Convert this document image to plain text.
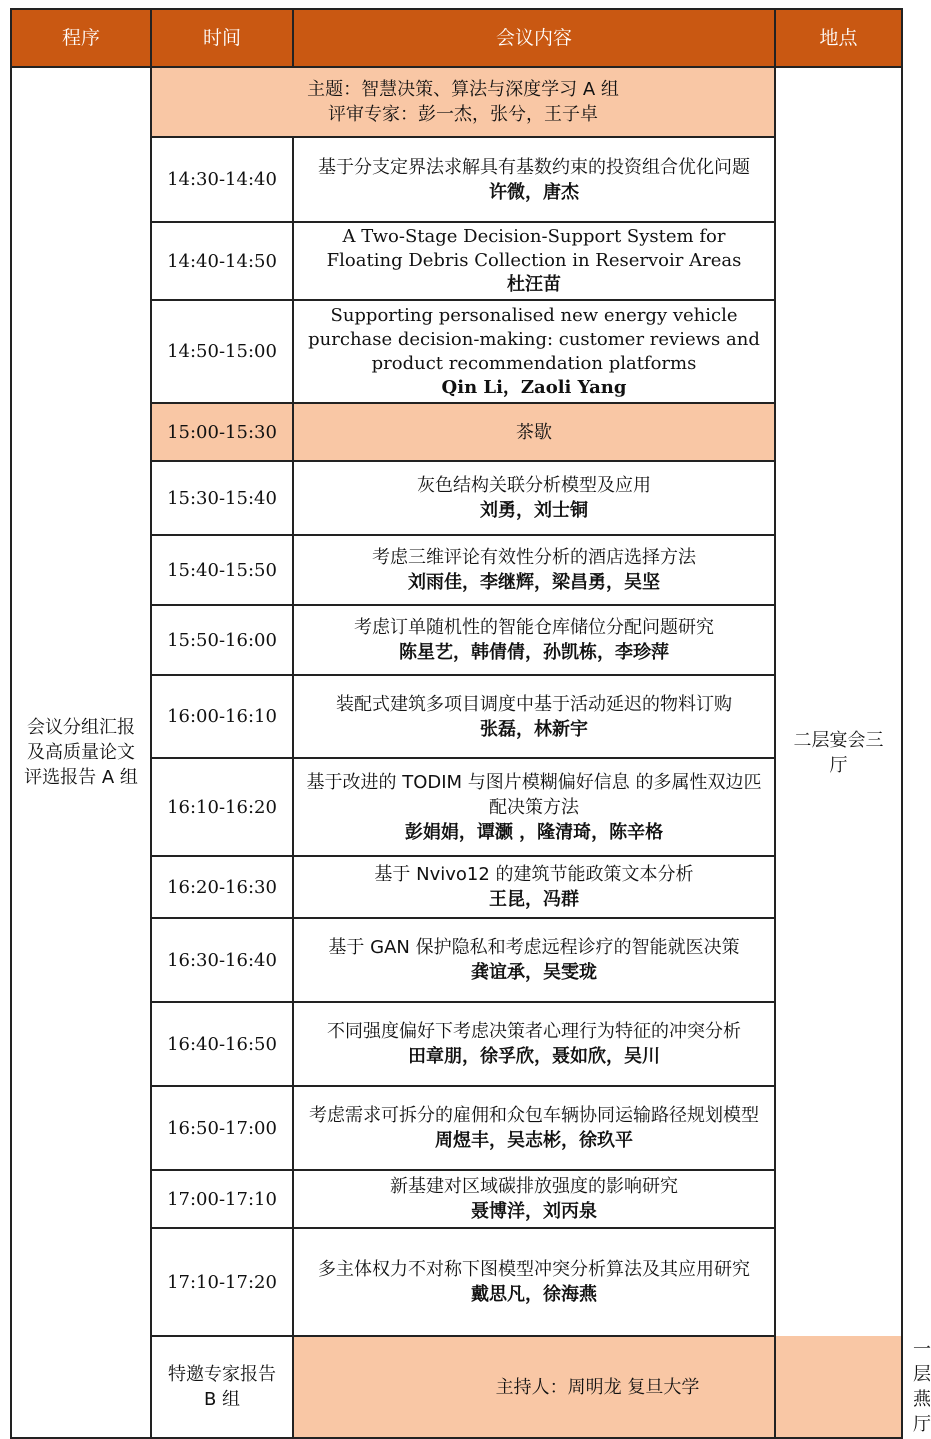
程序	时间	会议内容	地点	
会议分组汇报及高质量论文评选报告 A 组	主题：智慧决策、算法与深度学习 A 组
评审专家：彭一杰，张兮，王子卓		二层宴会三厅	
	14:30-14:40	基于分支定界法求解具有基数约束的投资组合优化问题
许微，唐杰		

	14:40-14:50	A Two-Stage Decision-Support System for Floating Debris Collection in Reservoir Areas
杜汪苗		

	14:50-15:00	Supporting personalised new energy vehicle purchase decision-making: customer reviews and product recommendation platforms
Qin Li，Zaoli Yang		

	15:00-15:30	茶歇		
	15:30-15:40	灰色结构关联分析模型及应用
刘勇，刘士铜		

	15:40-15:50	考虑三维评论有效性分析的酒店选择方法
刘雨佳，李继辉，梁昌勇，吴坚		

	15:50-16:00	考虑订单随机性的智能仓库储位分配问题研究
陈星艺，韩倩倩，孙凯栋，李珍萍		

	16:00-16:10	装配式建筑多项目调度中基于活动延迟的物料订购
张磊，林新宇		

	16:10-16:20	基于改进的 TODIM 与图片模糊偏好信息 的多属性双边匹配决策方法
彭娟娟，谭灏 ，隆清琦，陈辛格		

	16:20-16:30	基于 Nvivo12 的建筑节能政策文本分析
王昆，冯群		

	16:30-16:40	基于 GAN 保护隐私和考虑远程诊疗的智能就医决策
龚谊承，吴雯珑		

	16:40-16:50	不同强度偏好下考虑决策者心理行为特征的冲突分析
田章朋，徐孚欣，聂如欣，吴川		

	16:50-17:00	考虑需求可拆分的雇佣和众包车辆协同运输路径规划模型
周煜丰，吴志彬，徐玖平		

	17:00-17:10	新基建对区域碳排放强度的影响研究
聂博洋，刘丙泉		

	17:10-17:20	多主体权力不对称下图模型冲突分析算法及其应用研究
戴思凡，徐海燕		

	特邀专家报告 B 组	主持人：周明龙 复旦大学		一层燕厅
